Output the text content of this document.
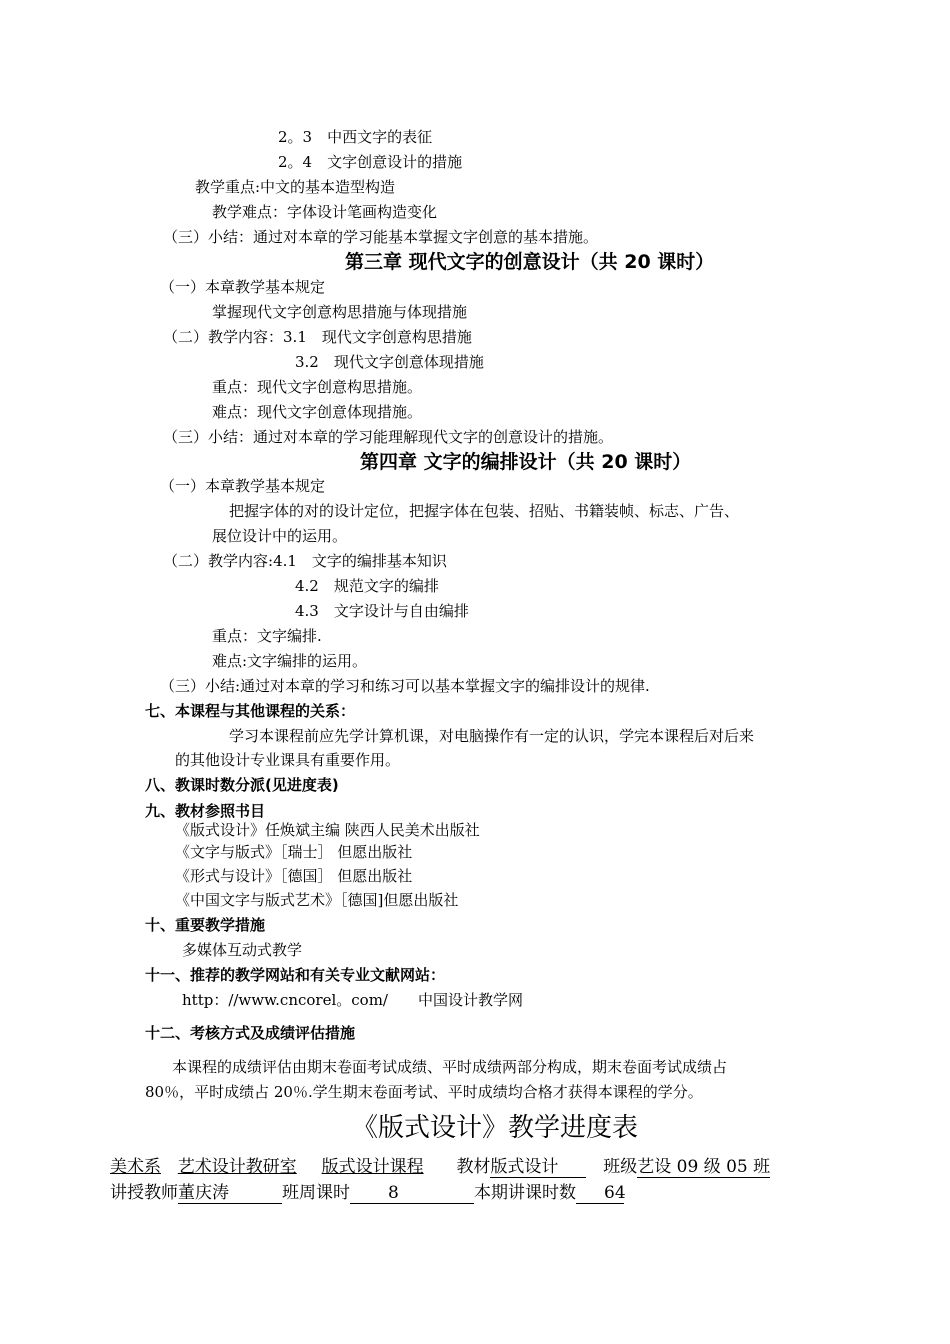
2。3　中西文字的表征
2。4　文字创意设计的措施
教学重点:中文的基本造型构造
教学难点：字体设计笔画构造变化
（三）小结：通过对本章的学习能基本掌握文字创意的基本措施。
第三章 现代文字的创意设计（共 20 课时）
（一）本章教学基本规定
掌握现代文字创意构思措施与体现措施
（二）教学内容：3.1　现代文字创意构思措施
3.2　现代文字创意体现措施
重点：现代文字创意构思措施。
难点：现代文字创意体现措施。
（三）小结：通过对本章的学习能理解现代文字的创意设计的措施。
第四章 文字的编排设计（共 20 课时）
（一）本章教学基本规定
把握字体的对的设计定位，把握字体在包装、招贴、书籍装帧、标志、广告、
展位设计中的运用。
（二）教学内容:4.1　文字的编排基本知识
4.2　规范文字的编排
4.3　文字设计与自由编排
重点：文字编排.
难点:文字编排的运用。
（三）小结:通过对本章的学习和练习可以基本掌握文字的编排设计的规律.
七、本课程与其他课程的关系：
学习本课程前应先学计算机课，对电脑操作有一定的认识，学完本课程后对后来
的其他设计专业课具有重要作用。
八、教课时数分派(见进度表)
九、教材参照书目
《版式设计》任焕斌主编 陕西人民美术出版社
《文字与版式》［瑞士］ 但愿出版社
《形式与设计》［德国］ 但愿出版社
《中国文字与版式艺术》［德国]但愿出版社
十、重要教学措施
多媒体互动式教学
十一、推荐的教学网站和有关专业文献网站：
http：//www.cncorel。com/　　中国设计教学网
十二、考核方式及成绩评估措施
本课程的成绩评估由期末卷面考试成绩、平时成绩两部分构成，期末卷面考试成绩占
80％，平时成绩占 20％.学生期末卷面考试、平时成绩均合格才获得本课程的学分。
《版式设计》教学进度表
美术系 艺术设计教研室 版式设计课程 教材版式设计	班级艺设 09 级 05 班
讲授教师董庆涛	班周课时 8	本期讲课时数 64
